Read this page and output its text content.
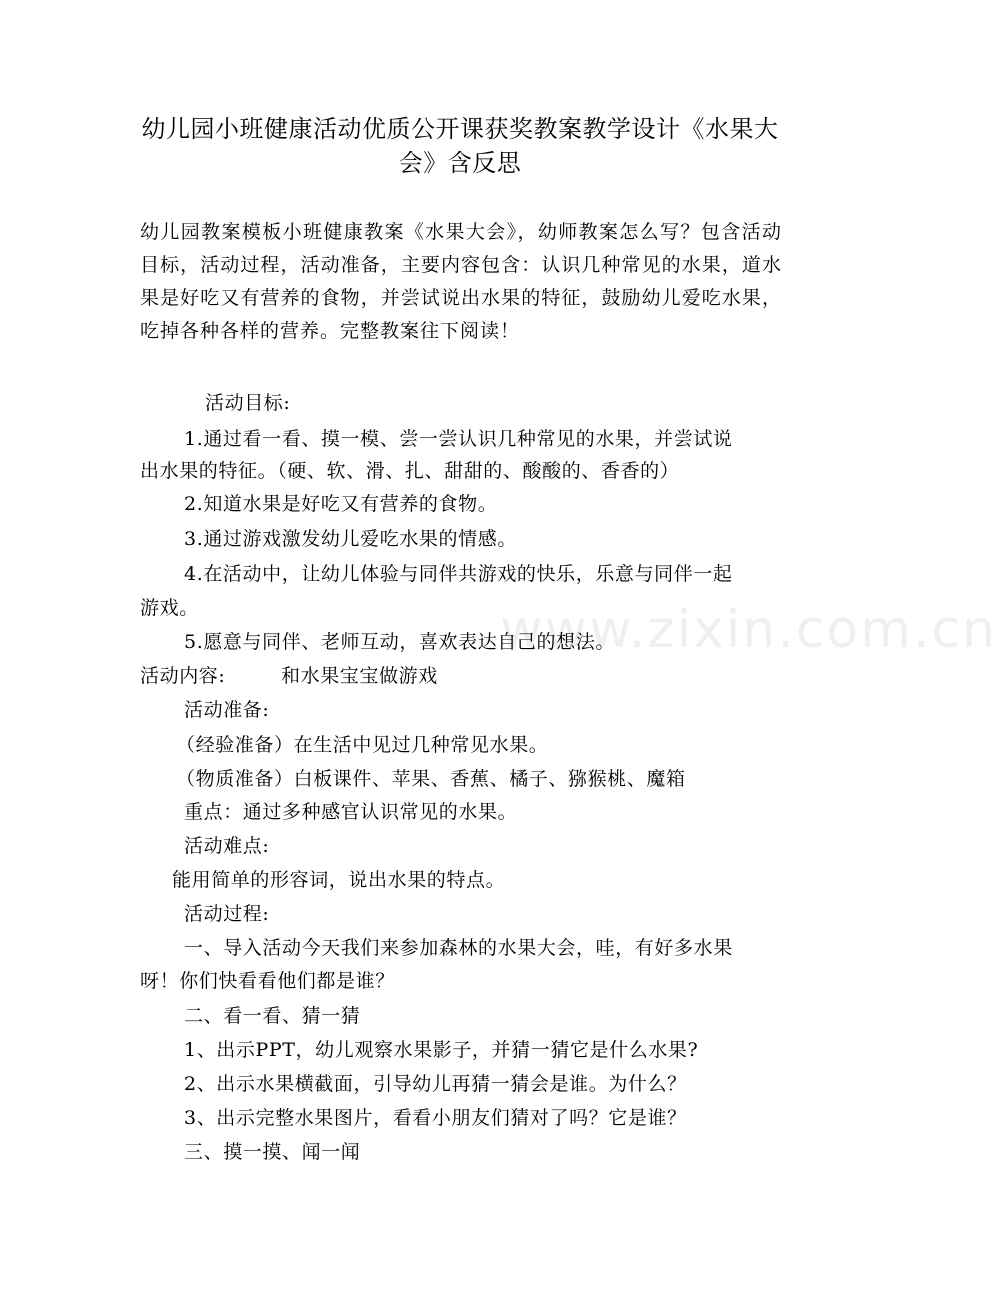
www.zixin.com.cn
幼儿园小班健康活动优质公开课获奖教案教学设计《水果大会》含反思

幼儿园教案模板小班健康教案《水果大会》，幼师教案怎么写？包含活动目标，活动过程，活动准备，主要内容包含：认识几种常见的水果，道水果是好吃又有营养的食物，并尝试说出水果的特征，鼓励幼儿爱吃水果，吃掉各种各样的营养。完整教案往下阅读！

活动目标:
1.通过看一看、摸一模、尝一尝认识几种常见的水果，并尝试说
出水果的特征。（硬、软、滑、扎、甜甜的、酸酸的、香香的）
2.知道水果是好吃又有营养的食物。
3.通过游戏激发幼儿爱吃水果的情感。
4.在活动中，让幼儿体验与同伴共游戏的快乐，乐意与同伴一起
游戏。
5.愿意与同伴、老师互动，喜欢表达自己的想法。
活动内容:	和水果宝宝做游戏
活动准备:
（经验准备）在生活中见过几种常见水果。
（物质准备）白板课件、苹果、香蕉、橘子、猕猴桃、魔箱
重点：通过多种感官认识常见的水果。
活动难点:
能用简单的形容词，说出水果的特点。
活动过程:
一、导入活动今天我们来参加森林的水果大会，哇，有好多水果
呀！你们快看看他们都是谁？
二、看一看、猜一猜
1、出示PPT，幼儿观察水果影子，并猜一猜它是什么水果?
2、出示水果横截面，引导幼儿再猜一猜会是谁。为什么？
3、出示完整水果图片，看看小朋友们猜对了吗？它是谁？
三、摸一摸、闻一闻
